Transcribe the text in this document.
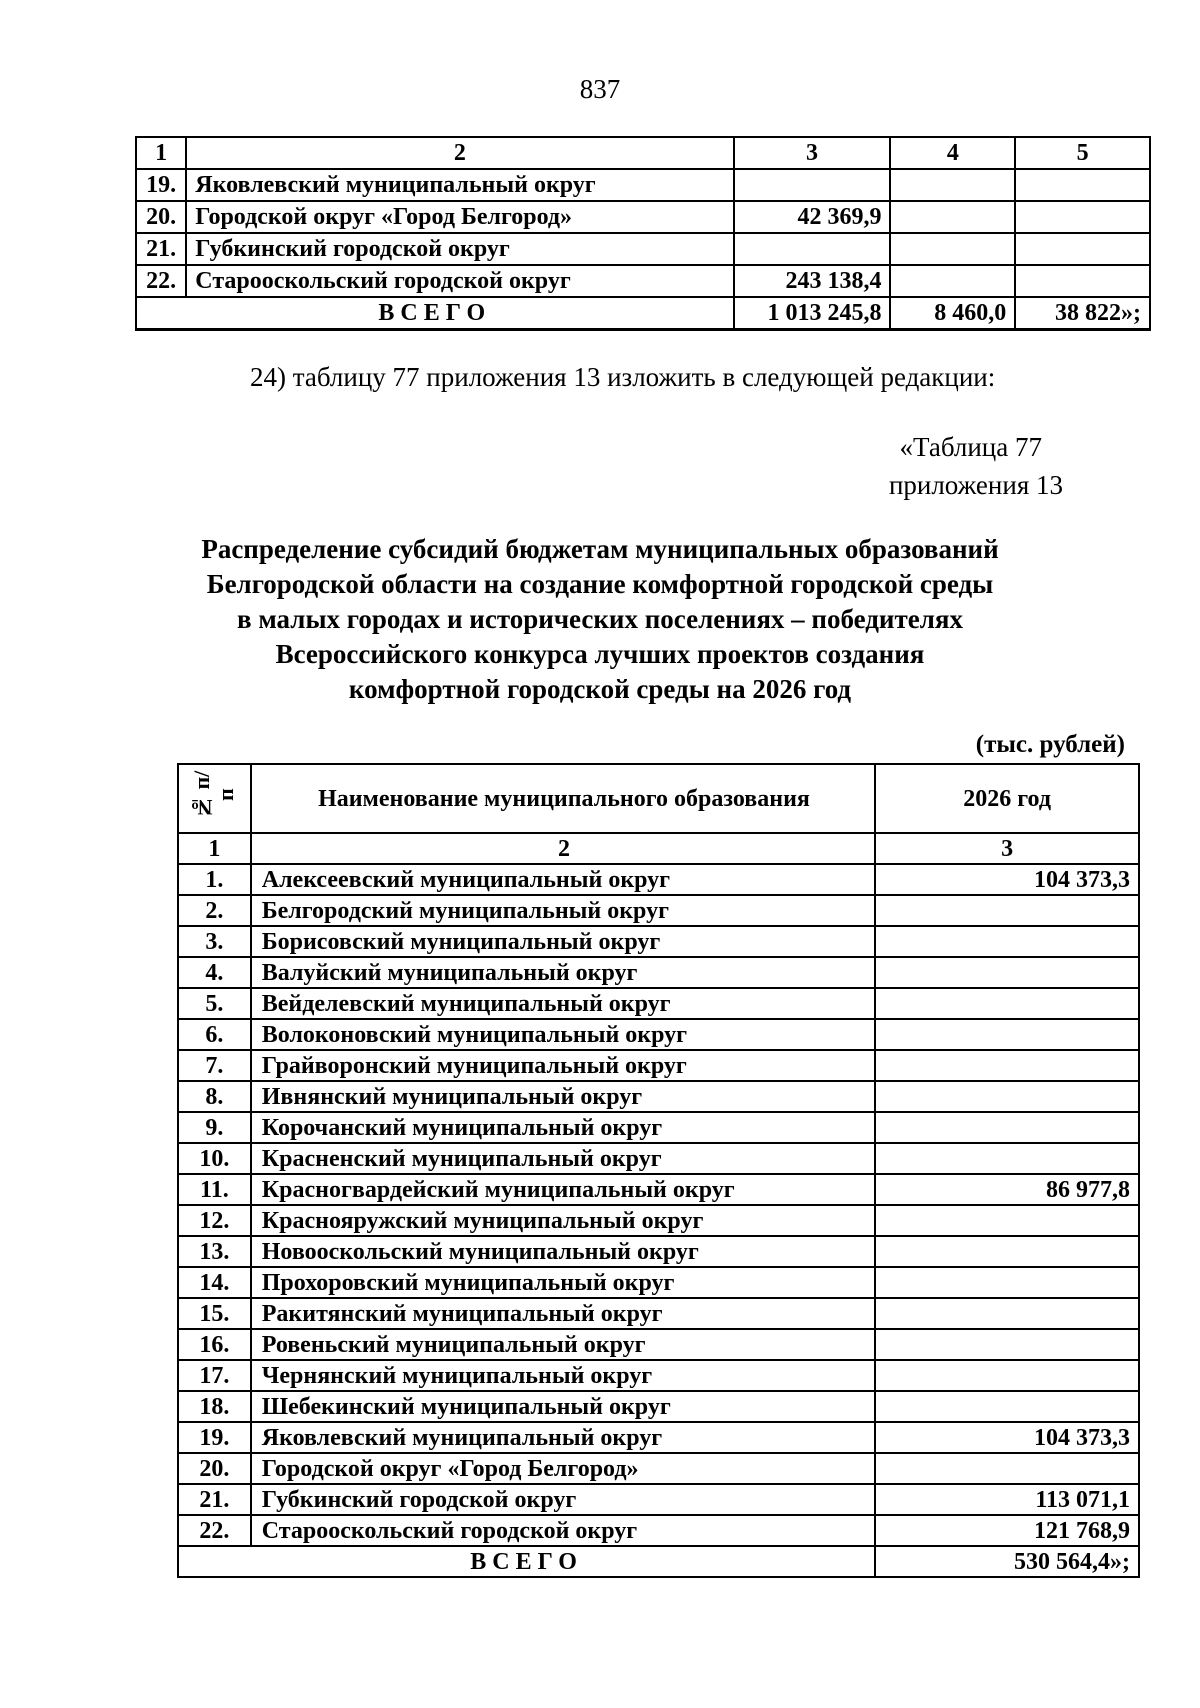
837
1	2	3	4	5
19.	Яковлевский муниципальный округ			
20.	Городской округ «Город Белгород»	42 369,9		
21.	Губкинский городской округ			
22.	Старооскольский городской округ	243 138,4		
ВСЕГО		1 013 245,8	8 460,0	38 822»;
24) таблицу 77 приложения 13 изложить в следующей редакции:
«Таблица 77
приложения 13
Распределение субсидий бюджетам муниципальных образований
Белгородской области на создание комфортной городской среды
в малых городах и исторических поселениях – победителях
Всероссийского конкурса лучших проектов создания
комфортной городской среды на 2026 год
(тыс. рублей)
№ п/п	Наименование муниципального образования	2026 год
1	2	3
1.	Алексеевский муниципальный округ	104 373,3
2.	Белгородский муниципальный округ	
3.	Борисовский муниципальный округ	
4.	Валуйский муниципальный округ	
5.	Вейделевский муниципальный округ	
6.	Волоконовский муниципальный округ	
7.	Грайворонский муниципальный округ	
8.	Ивнянский муниципальный округ	
9.	Корочанский муниципальный округ	
10.	Красненский муниципальный округ	
11.	Красногвардейский муниципальный округ	86 977,8
12.	Краснояружский муниципальный округ	
13.	Новооскольский муниципальный округ	
14.	Прохоровский муниципальный округ	
15.	Ракитянский муниципальный округ	
16.	Ровеньский муниципальный округ	
17.	Чернянский муниципальный округ	
18.	Шебекинский муниципальный округ	
19.	Яковлевский муниципальный округ	104 373,3
20.	Городской округ «Город Белгород»	
21.	Губкинский городской округ	113 071,1
22.	Старооскольский городской округ	121 768,9
ВСЕГО		530 564,4»;
